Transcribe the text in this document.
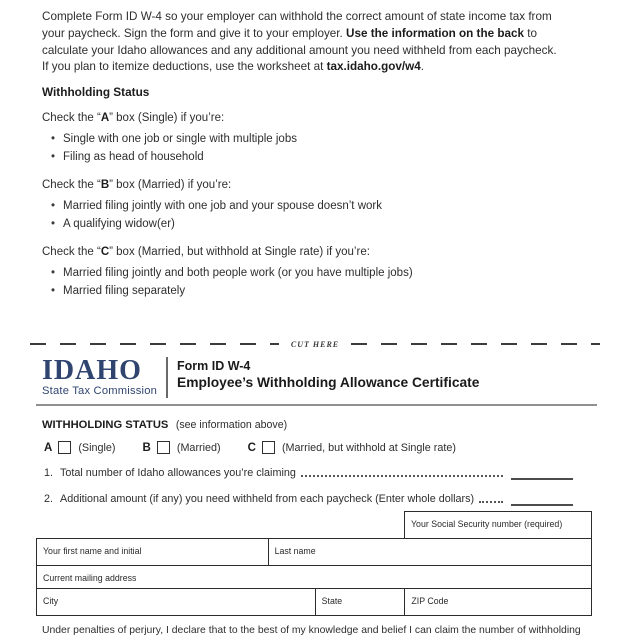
Complete Form ID W-4 so your employer can withhold the correct amount of state income tax from
your paycheck. Sign the form and give it to your employer. Use the information on the back to
calculate your Idaho allowances and any additional amount you need withheld from each paycheck.
If you plan to itemize deductions, use the worksheet at tax.idaho.gov/w4.
Withholding Status
Check the “A” box (Single) if you’re:
• Single with one job or single with multiple jobs
• Filing as head of household
Check the “B” box (Married) if you’re:
• Married filing jointly with one job and your spouse doesn’t work
• A qualifying widow(er)
Check the “C” box (Married, but withhold at Single rate) if you’re:
• Married filing jointly and both people work (or you have multiple jobs)
• Married filing separately
CUT HERE
IDAHO
State Tax Commission
Form ID W-4
Employee’s Withholding Allowance Certificate
WITHHOLDING STATUS (see information above)
A (Single) B (Married) C (Married, but withhold at Single rate)
1. Total number of Idaho allowances you’re claiming
2. Additional amount (if any) you need withheld from each paycheck (Enter whole dollars)
Your Social Security number (required)
Your first name and initial	Last name
Current mailing address
City	State	ZIP Code
Under penalties of perjury, I declare that to the best of my knowledge and belief I can claim the number of withholding
